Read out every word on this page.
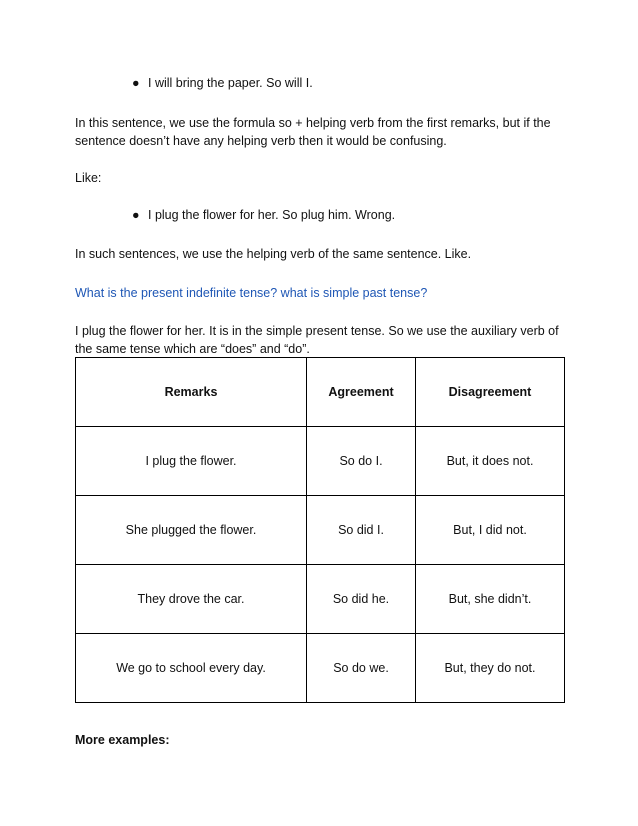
● I will bring the paper. So will I.
In this sentence, we use the formula so + helping verb from the first remarks, but if the sentence doesn’t have any helping verb then it would be confusing.
Like:
● I plug the flower for her. So plug him. Wrong.
In such sentences, we use the helping verb of the same sentence. Like.
What is the present indefinite tense? what is simple past tense?
I plug the flower for her. It is in the simple present tense. So we use the auxiliary verb of the same tense which are “does” and “do”.
Remarks	Agreement	Disagreement
I plug the flower.	So do I.	But, it does not.
She plugged the flower.	So did I.	But, I did not.
They drove the car.	So did he.	But, she didn’t.
We go to school every day.	So do we.	But, they do not.
More examples:
